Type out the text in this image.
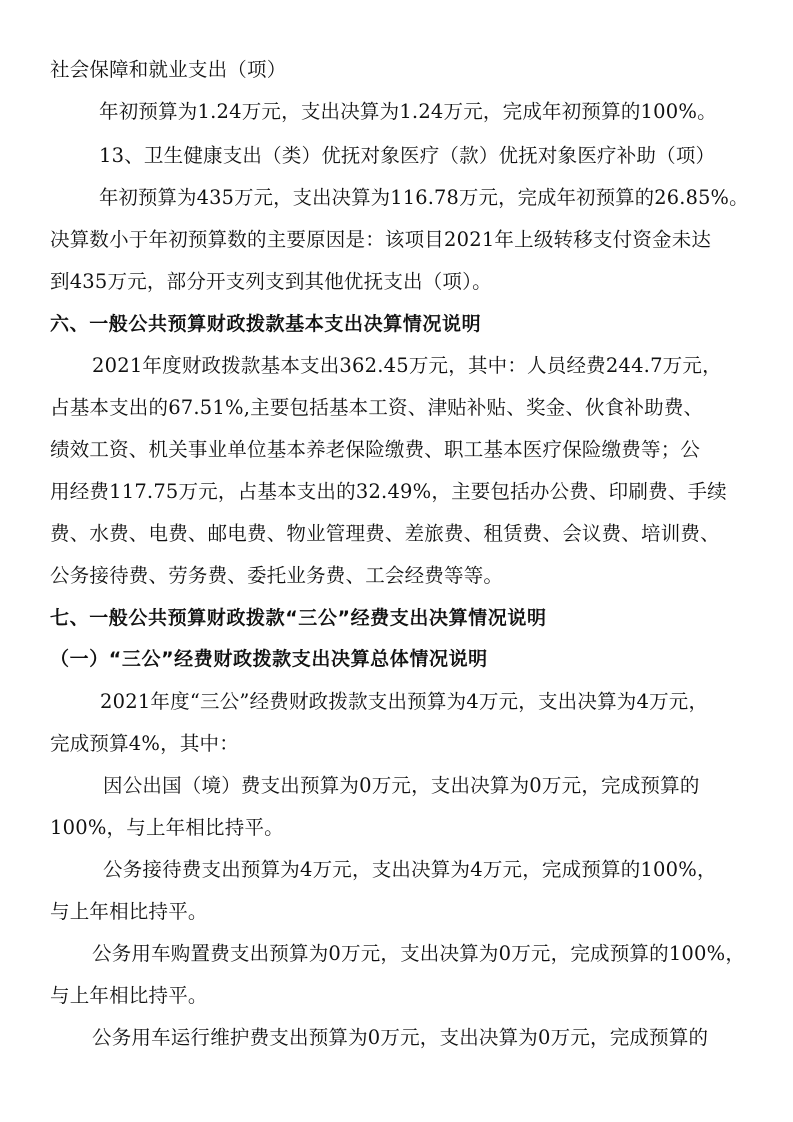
社会保障和就业支出（项）
年初预算为1.24万元，支出决算为1.24万元，完成年初预算的100%。
13、卫生健康支出（类）优抚对象医疗（款）优抚对象医疗补助（项）
年初预算为435万元，支出决算为116.78万元，完成年初预算的26.85%。
决算数小于年初预算数的主要原因是：该项目2021年上级转移支付资金未达
到435万元，部分开支列支到其他优抚支出（项）。
六、一般公共预算财政拨款基本支出决算情况说明
2021年度财政拨款基本支出362.45万元，其中：人员经费244.7万元，
占基本支出的67.51%,主要包括基本工资、津贴补贴、奖金、伙食补助费、
绩效工资、机关事业单位基本养老保险缴费、职工基本医疗保险缴费等；公
用经费117.75万元，占基本支出的32.49%，主要包括办公费、印刷费、手续
费、水费、电费、邮电费、物业管理费、差旅费、租赁费、会议费、培训费、
公务接待费、劳务费、委托业务费、工会经费等等。
七、一般公共预算财政拨款“三公”经费支出决算情况说明
（一）“三公”经费财政拨款支出决算总体情况说明
2021年度“三公”经费财政拨款支出预算为4万元，支出决算为4万元，
完成预算4%，其中：
因公出国（境）费支出预算为0万元，支出决算为0万元，完成预算的
100%，与上年相比持平。
公务接待费支出预算为4万元，支出决算为4万元，完成预算的100%，
与上年相比持平。
公务用车购置费支出预算为0万元，支出决算为0万元，完成预算的100%，
与上年相比持平。
公务用车运行维护费支出预算为0万元，支出决算为0万元，完成预算的
